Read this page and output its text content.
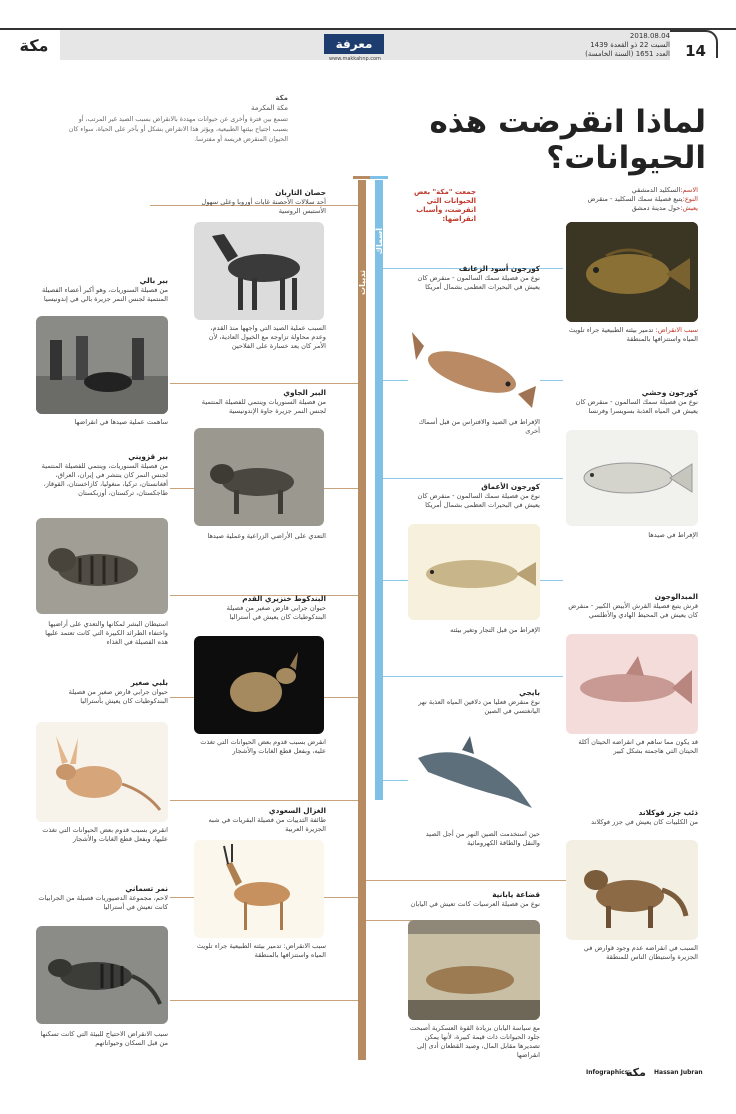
مكة	معرفة
www.makkahnp.com
2018.08.04
السبت 22 ذو القعدة 1439
العدد 1651 (السنة الخامسة) 14
لماذا انقرضت هذه الحيوانات؟
مكة
مكة المكرمة
تسمع بين فترة وأخرى عن حيوانات مهددة بالانقراض بسبب الصيد غير المرتب، أو بسبب اجتياح بيئتها الطبيعية، ويؤثر هذا الانقراض بشكل أو بآخر على الحياة، سواء كان الحيوان المنقرض فريسة أو مفترسا.
ثدييات
أسماك
جمعت "مكة" بعض الحيوانات التي انقرضت، وأسباب انقراضها:
الاسم:السكليد الدمشقي
النوع:يتبع فصيلة سمك السكليد - منقرض
يعيش:حول مدينة دمشق
سبب الانقراض: تدمير بيئته الطبيعية جراء تلويث المياه واستنزافها بالمنطقة
كورجون أسود الزعانف
نوع من فصيلة سمك السالمون - منقرض كان يعيش في البحيرات العظمى بشمال أمريكا
الإفراط في الصيد والافتراس من قبل أسماك أخرى
كورجون وحشي
نوع من فصيلة سمك السالمون - منقرض كان يعيش في المياه العذبة بسويسرا وفرنسا
الإفراط في صيدها
كورجون الأعماق
نوع من فصيلة سمك السالمون - منقرض كان يعيش في البحيرات العظمى بشمال أمريكا
الإفراط من قبل التجار وتغير بيئته
المبدالوجون
قرش يتبع فصيلة القرش الأبيض الكبير - منقرض كان يعيش في المحيط الهادي والأطلسي
قد يكون مما ساهم في انقراضه الحيتان آكلة الحيتان التي هاجمته بشكل كبير
بايجي
نوع منقرض فعليا من دلافين المياه العذبة نهر اليانغتسي في الصين
حين استخدمت الصين النهر من أجل الصيد والنقل والطاقة الكهرومائية
ذئب جزر فوكلاند
من الكلبيات كان يعيش في جزر فوكلاند
السبب في انقراضه عدم وجود قوارض في الجزيرة واستيطان الناس للمنطقة
قضاعة يابانية
نوع من فصيلة العرسيات كانت تعيش في اليابان
مع سياسة اليابان بزيادة القوة العسكرية أصبحت جلود الحيوانات ذات قيمة كبيرة، لأنها يمكن تصديرها مقابل المال، وصيد القطعان أدى إلى انقراضها
حصان التاربان
أحد سلالات الأحصنة غابات أوروبا وعلى سهول الأستبس الروسية
السبب عملية الصيد التي واجهها منذ القدم، وعدم محاولة تزاوجه مع الخيول العادية، لأن الأمر كان يعد خسارة على الفلاحين
ببر بالي
من فصيلة السنوريات، وهو أكبر أعضاء الفصيلة المنتمية لجنس النمر جزيرة بالي في إندونيسيا
ساهمت عملية صيدها في انقراضها
الببر الجاوي
من فصيلة السنوريات وينتمي للفصيلة المنتمية لجنس النمر جزيرة جاوة الإندونيسية
التعدي على الأراضي الزراعية وعملية صيدها
ببر قزويني
من فصيلة السنوريات، وينتمي للفصيلة المنتمية لجنس النمر كان ينتشر في إيران، العراق، أفغانستان، تركيا، منغوليا، كازاخستان، القوقاز، طاجكستان، تركستان، أوزبكستان
استيطان البشر لمكانها والتعدي على أراضيها واختفاء الطرائد الكبيرة التي كانت تعتمد عليها هذه الفصيلة في الغذاء
البندكوط خنزيري القدم
حيوان جرابي قارض صغير من فصيلة البندكوطيات كان يعيش في أستراليا
انقرض بسبب قدوم بعض الحيوانات التي تغذت عليه، وبفعل قطع الغابات والأشجار
بلبي صغير
حيوان جرابي قارض صغير من فصيلة البندكوطيات كان يعيش بأستراليا
انقرض بسبب قدوم بعض الحيوانات التي تغذت عليها، وبفعل قطع الغابات والأشجار
الغزال السعودي
طائفة الثدييات من فصيلة البقريات في شبه الجزيرة العربية
سبب الانقراض: تدمير بيئته الطبيعية جراء تلويث المياه واستنزافها بالمنطقة
نمر تسماني
لاحم، مجموعة الدصيوريات فصيلة من الجرابيات كانت تعيش في أستراليا
سبب الانقراض الاحتياج للبيئة التي كانت تسكنها من قبل السكان وحيواناتهم
Infographics
مكة Hassan Jubran
